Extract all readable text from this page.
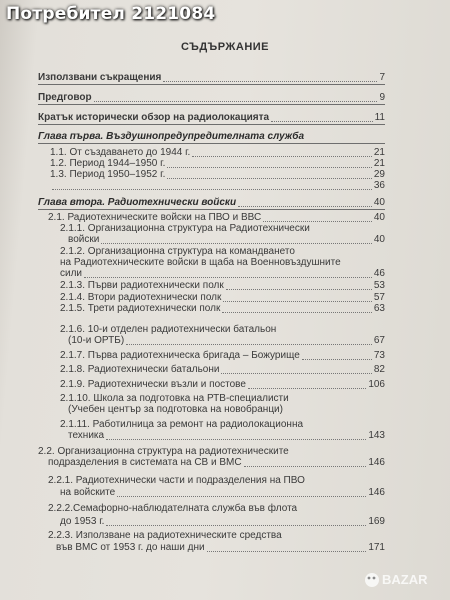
Потребител 2121084
СЪДЪРЖАНИЕ
Използвани съкращения	7
Предговор	9
Кратък исторически обзор на радиолокацията	11
Глава първа. Въздушнопредупредителната служба
1.1. От създаването до 1944 г.	21
1.2. Период 1944–1950 г.	21
1.3. Период 1950–1952 г.	29
36
Глава втора. Радиотехнически войски	40
2.1. Радиотехническите войски на ПВО и ВВС	40
2.1.1. Организационна структура на Радиотехнически
войски	40
2.1.2. Организационна структура на командването
на Радиотехническите войски в щаба на Военновъздушните
сили	46
2.1.3. Първи радиотехнически полк	53
2.1.4. Втори радиотехнически полк	57
2.1.5. Трети радиотехнически полк	63
2.1.6. 10-и отделен радиотехнически батальон
(10-и ОРТБ)	67
2.1.7. Първа радиотехническа бригада – Божурище	73
2.1.8. Радиотехнически батальони	82
2.1.9. Радиотехнически възли и постове	106
2.1.10. Школа за подготовка на РТВ-специалисти
(Учебен център за подготовка на новобранци)
2.1.11. Работилница за ремонт на радиолокационна
техника	143
2.2. Организационна структура на радиотехническите
подразделения в системата на СВ и ВМС	146
2.2.1. Радиотехнически части и подразделения на ПВО
на войските	146
2.2.2.Семафорно-наблюдателната служба във флота
до 1953 г.	169
2.2.3. Използване на радиотехническите средства
във ВМС от 1953 г. до наши дни	171
BAZAR
